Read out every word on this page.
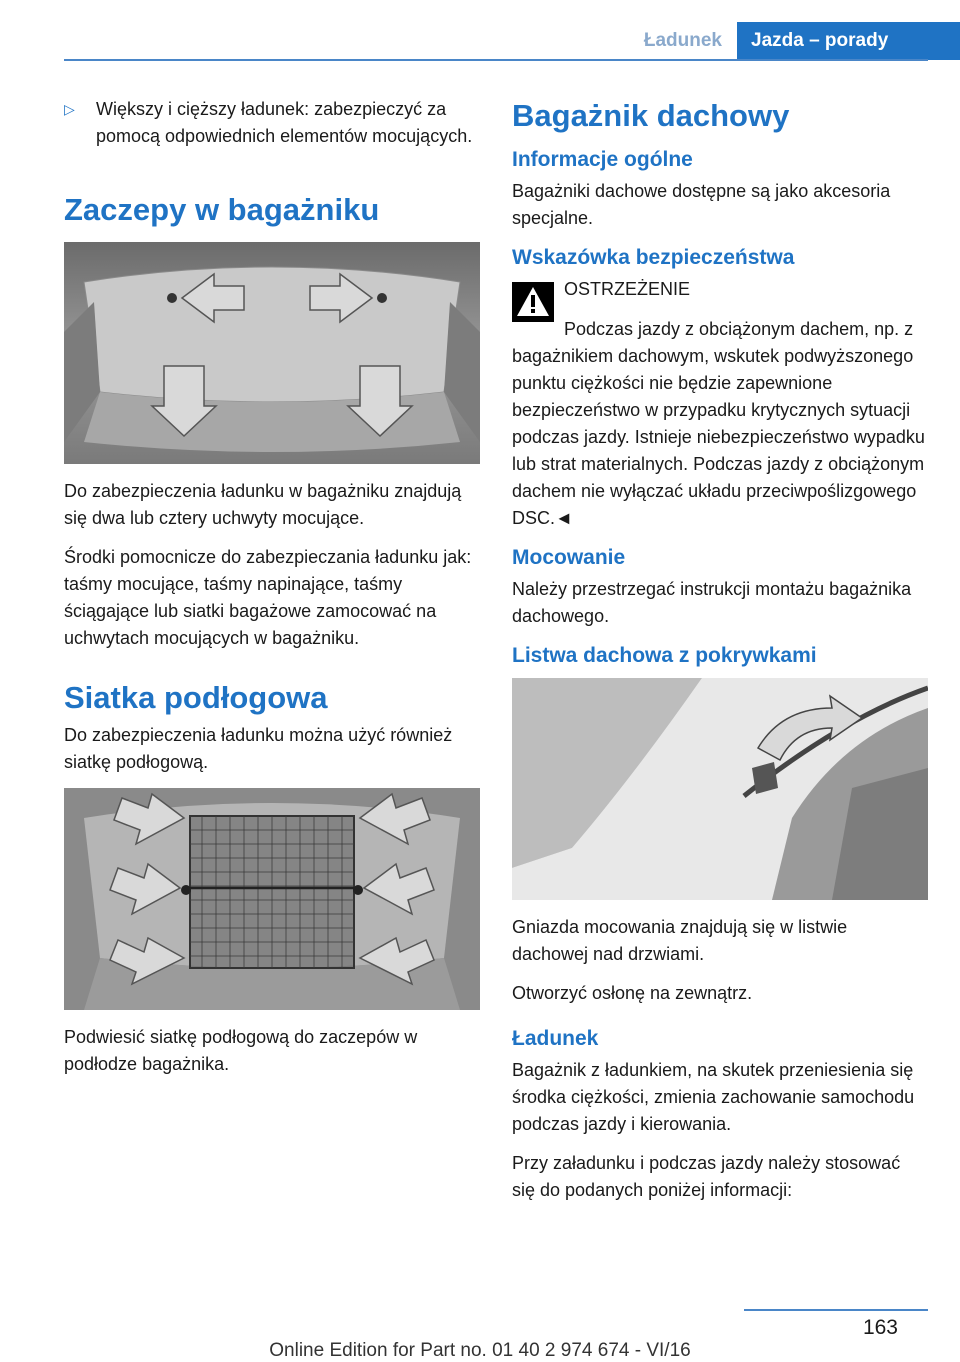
Ładunek	Jazda – porady
▷	Większy i cięższy ładunek: zabezpieczyć za pomocą odpowiednich elementów mocujących.
Zaczepy w bagażniku

Do zabezpieczenia ładunku w bagażniku znajdują się dwa lub cztery uchwyty mocujące.

Środki pomocnicze do zabezpieczania ładunku jak: taśmy mocujące, taśmy napinające, taśmy ściągające lub siatki bagażowe zamocować na uchwytach mocujących w bagażniku.

Siatka podłogowa

Do zabezpieczenia ładunku można użyć również siatkę podłogową.

Podwiesić siatkę podłogową do zaczepów w podłodze bagażnika.

Bagażnik dachowy
Informacje ogólne

Bagażniki dachowe dostępne są jako akcesoria specjalne.

Wskazówka bezpieczeństwa
OSTRZEŻENIE

Podczas jazdy z obciążonym dachem, np. z bagażnikiem dachowym, wskutek podwyższonego punktu ciężkości nie będzie zapewnione bezpieczeństwo w przypadku krytycznych sytuacji podczas jazdy. Istnieje niebezpieczeństwo wypadku lub strat materialnych. Podczas jazdy z obciążonym dachem nie wyłączać układu przeciwpoślizgowego DSC.◄

Mocowanie

Należy przestrzegać instrukcji montażu bagażnika dachowego.

Listwa dachowa z pokrywkami

Gniazda mocowania znajdują się w listwie dachowej nad drzwiami.

Otworzyć osłonę na zewnątrz.

Ładunek

Bagażnik z ładunkiem, na skutek przeniesienia się środka ciężkości, zmienia zachowanie samochodu podczas jazdy i kierowania.

Przy załadunku i podczas jazdy należy stosować się do podanych poniżej informacji:

163
Online Edition for Part no. 01 40 2 974 674 - VI/16
